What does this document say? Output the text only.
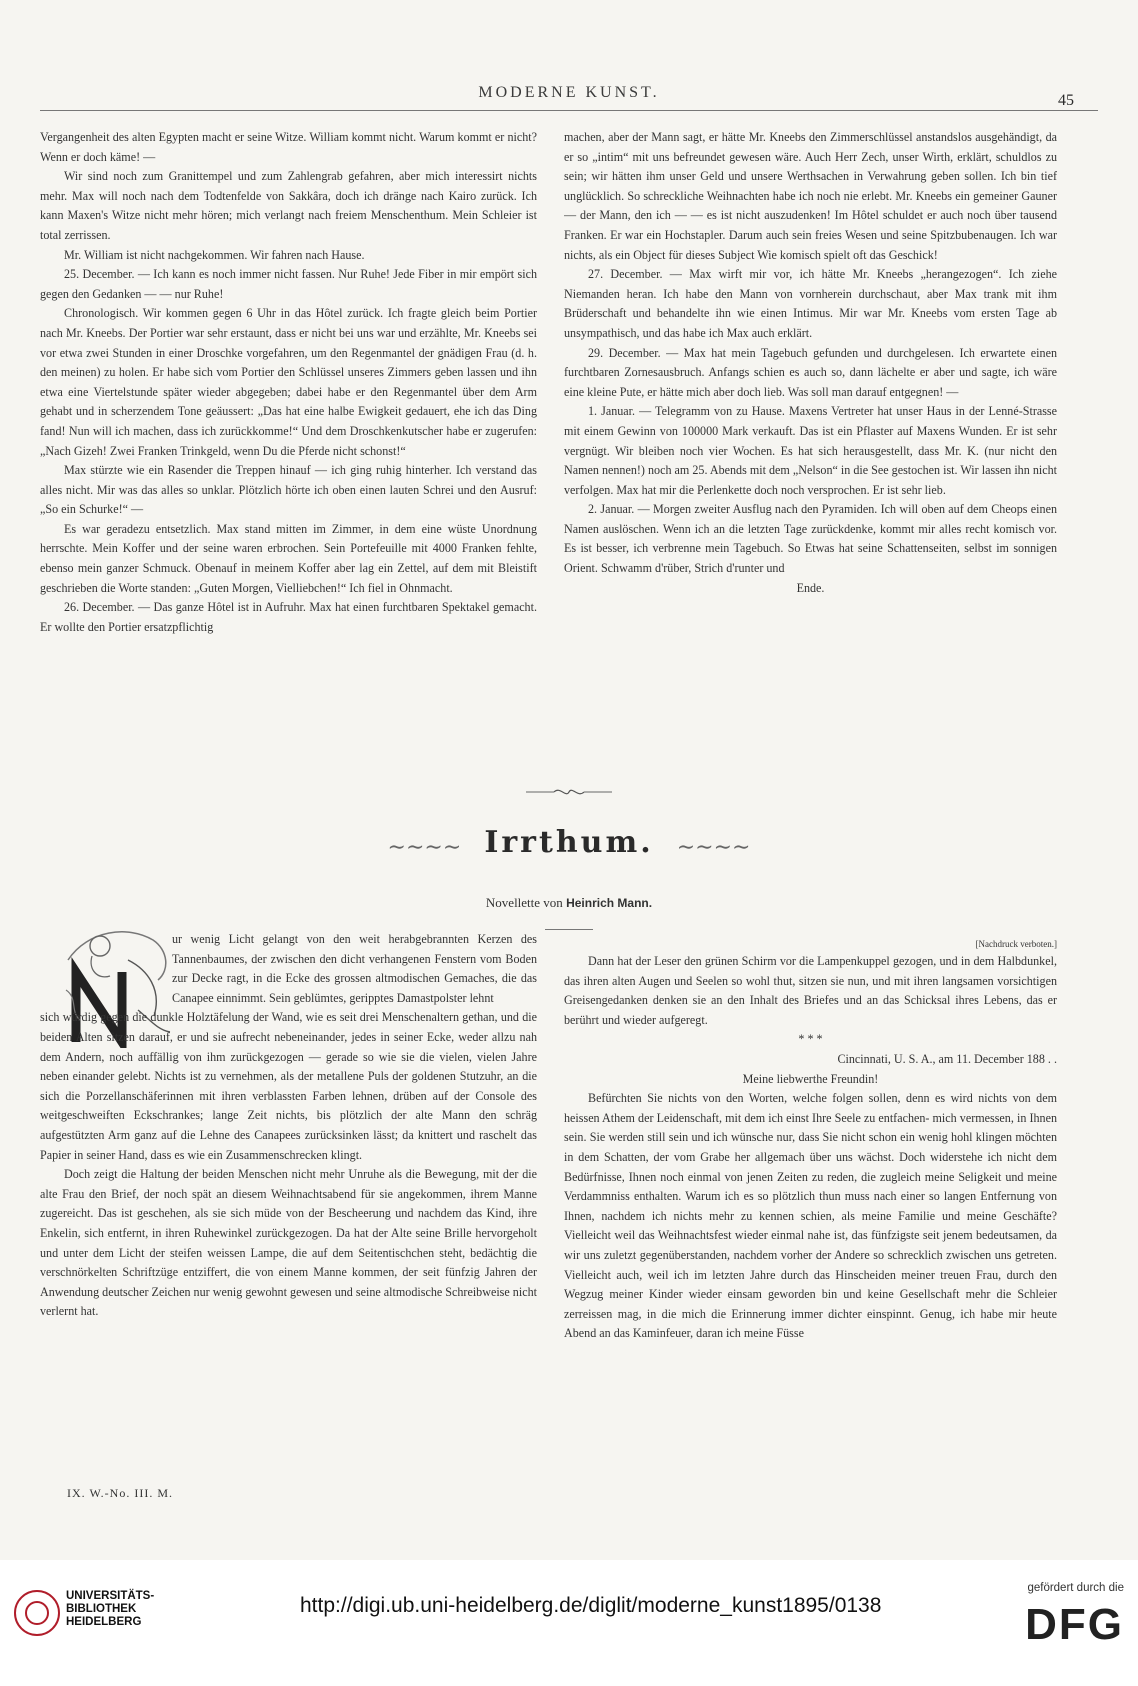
MODERNE KUNST.	45

Vergangenheit des alten Egypten macht er seine Witze. William kommt nicht. Warum kommt er nicht? Wenn er doch käme! —

Wir sind noch zum Granittempel und zum Zahlengrab gefahren, aber mich interessirt nichts mehr. Max will noch nach dem Todtenfelde von Sakkâra, doch ich dränge nach Kairo zurück. Ich kann Maxen's Witze nicht mehr hören; mich verlangt nach freiem Menschenthum. Mein Schleier ist total zerrissen.

Mr. William ist nicht nachgekommen. Wir fahren nach Hause.

25. December. — Ich kann es noch immer nicht fassen. Nur Ruhe! Jede Fiber in mir empört sich gegen den Gedanken — — nur Ruhe!

Chronologisch. Wir kommen gegen 6 Uhr in das Hôtel zurück. Ich fragte gleich beim Portier nach Mr. Kneebs. Der Portier war sehr erstaunt, dass er nicht bei uns war und erzählte, Mr. Kneebs sei vor etwa zwei Stunden in einer Droschke vorgefahren, um den Regenmantel der gnädigen Frau (d. h. den meinen) zu holen. Er habe sich vom Portier den Schlüssel unseres Zimmers geben lassen und ihn etwa eine Viertelstunde später wieder abgegeben; dabei habe er den Regenmantel über dem Arm gehabt und in scherzendem Tone geäussert: „Das hat eine halbe Ewigkeit gedauert, ehe ich das Ding fand! Nun will ich machen, dass ich zurückkomme!“ Und dem Droschkenkutscher habe er zugerufen: „Nach Gizeh! Zwei Franken Trinkgeld, wenn Du die Pferde nicht schonst!“

Max stürzte wie ein Rasender die Treppen hinauf — ich ging ruhig hinterher. Ich verstand das alles nicht. Mir was das alles so unklar. Plötzlich hörte ich oben einen lauten Schrei und den Ausruf: „So ein Schurke!“ —

Es war geradezu entsetzlich. Max stand mitten im Zimmer, in dem eine wüste Unordnung herrschte. Mein Koffer und der seine waren erbrochen. Sein Portefeuille mit 4000 Franken fehlte, ebenso mein ganzer Schmuck. Obenauf in meinem Koffer aber lag ein Zettel, auf dem mit Bleistift geschrieben die Worte standen: „Guten Morgen, Vielliebchen!“ Ich fiel in Ohnmacht.

26. December. — Das ganze Hôtel ist in Aufruhr. Max hat einen furchtbaren Spektakel gemacht. Er wollte den Portier ersatzpflichtig

machen, aber der Mann sagt, er hätte Mr. Kneebs den Zimmerschlüssel anstandslos ausgehändigt, da er so „intim“ mit uns befreundet gewesen wäre. Auch Herr Zech, unser Wirth, erklärt, schuldlos zu sein; wir hätten ihm unser Geld und unsere Werthsachen in Verwahrung geben sollen. Ich bin tief unglücklich. So schreckliche Weihnachten habe ich noch nie erlebt. Mr. Kneebs ein gemeiner Gauner — der Mann, den ich — — es ist nicht auszudenken! Im Hôtel schuldet er auch noch über tausend Franken. Er war ein Hochstapler. Darum auch sein freies Wesen und seine Spitzbubenaugen. Ich war nichts, als ein Object für dieses Subject Wie komisch spielt oft das Geschick!

27. December. — Max wirft mir vor, ich hätte Mr. Kneebs „herangezogen“. Ich ziehe Niemanden heran. Ich habe den Mann von vornherein durchschaut, aber Max trank mit ihm Brüderschaft und behandelte ihn wie einen Intimus. Mir war Mr. Kneebs vom ersten Tage ab unsympathisch, und das habe ich Max auch erklärt.

29. December. — Max hat mein Tagebuch gefunden und durchgelesen. Ich erwartete einen furchtbaren Zornesausbruch. Anfangs schien es auch so, dann lächelte er aber und sagte, ich wäre eine kleine Pute, er hätte mich aber doch lieb. Was soll man darauf entgegnen! —

1. Januar. — Telegramm von zu Hause. Maxens Vertreter hat unser Haus in der Lenné-Strasse mit einem Gewinn von 100000 Mark verkauft. Das ist ein Pflaster auf Maxens Wunden. Er ist sehr vergnügt. Wir bleiben noch vier Wochen. Es hat sich herausgestellt, dass Mr. K. (nur nicht den Namen nennen!) noch am 25. Abends mit dem „Nelson“ in die See gestochen ist. Wir lassen ihn nicht verfolgen. Max hat mir die Perlenkette doch noch versprochen. Er ist sehr lieb.

2. Januar. — Morgen zweiter Ausflug nach den Pyramiden. Ich will oben auf dem Cheops einen Namen auslöschen. Wenn ich an die letzten Tage zurückdenke, kommt mir alles recht komisch vor. Es ist besser, ich verbrenne mein Tagebuch. So Etwas hat seine Schattenseiten, selbst im sonnigen Orient. Schwamm d'rüber, Strich d'runter und

Ende.

∼∼∼∼ Irrthum. ∼∼∼∼
Novellette von Heinrich Mann.

ur wenig Licht gelangt von den weit herabgebrannten Kerzen des Tannenbaumes, der zwischen den dicht verhangenen Fenstern vom Boden zur Decke ragt, in die Ecke des grossen altmodischen Gemaches, die das Canapee einnimmt. Sein geblümtes, geripptes Damastpolster lehnt

sich würdig gegen die dunkle Holztäfelung der Wand, wie es seit drei Menschenaltern gethan, und die beiden Alten sitzen darauf, er und sie aufrecht nebeneinander, jedes in seiner Ecke, weder allzu nah dem Andern, noch auffällig von ihm zurückgezogen — gerade so wie sie die vielen, vielen Jahre neben einander gelebt. Nichts ist zu vernehmen, als der metallene Puls der goldenen Stutzuhr, an die sich die Porzellanschäferinnen mit ihren verblassten Farben lehnen, drüben auf der Console des weitgeschweiften Eckschrankes; lange Zeit nichts, bis plötzlich der alte Mann den schräg aufgestützten Arm ganz auf die Lehne des Canapees zurücksinken lässt; da knittert und raschelt das Papier in seiner Hand, dass es wie ein Zusammenschrecken klingt.

Doch zeigt die Haltung der beiden Menschen nicht mehr Unruhe als die Bewegung, mit der die alte Frau den Brief, der noch spät an diesem Weihnachtsabend für sie angekommen, ihrem Manne zugereicht. Das ist geschehen, als sie sich müde von der Bescheerung und nachdem das Kind, ihre Enkelin, sich entfernt, in ihren Ruhewinkel zurückgezogen. Da hat der Alte seine Brille hervorgeholt und unter dem Licht der steifen weissen Lampe, die auf dem Seitentischchen steht, bedächtig die verschnörkelten Schriftzüge entziffert, die von einem Manne kommen, der seit fünfzig Jahren der Anwendung deutscher Zeichen nur wenig gewohnt gewesen und seine altmodische Schreibweise nicht verlernt hat.

[Nachdruck verboten.]

Dann hat der Leser den grünen Schirm vor die Lampenkuppel gezogen, und in dem Halbdunkel, das ihren alten Augen und Seelen so wohl thut, sitzen sie nun, und mit ihren langsamen vorsichtigen Greisengedanken denken sie an den Inhalt des Briefes und an das Schicksal ihres Lebens, das er berührt und wieder aufgeregt.

* * *

Cincinnati, U. S. A., am 11. December 188 . .

Meine liebwerthe Freundin!

Befürchten Sie nichts von den Worten, welche folgen sollen, denn es wird nichts von dem heissen Athem der Leidenschaft, mit dem ich einst Ihre Seele zu entfachen- mich vermessen, in Ihnen sein. Sie werden still sein und ich wünsche nur, dass Sie nicht schon ein wenig hohl klingen möchten in dem Schatten, der vom Grabe her allgemach über uns wächst. Doch widerstehe ich nicht dem Bedürfnisse, Ihnen noch einmal von jenen Zeiten zu reden, die zugleich meine Seligkeit und meine Verdammniss enthalten. Warum ich es so plötzlich thun muss nach einer so langen Entfernung von Ihnen, nachdem ich nichts mehr zu kennen schien, als meine Familie und meine Geschäfte? Vielleicht weil das Weihnachtsfest wieder einmal nahe ist, das fünfzigste seit jenem bedeutsamen, da wir uns zuletzt gegenüberstanden, nachdem vorher der Andere so schrecklich zwischen uns getreten. Vielleicht auch, weil ich im letzten Jahre durch das Hinscheiden meiner treuen Frau, durch den Wegzug meiner Kinder wieder einsam geworden bin und keine Gesellschaft mehr die Schleier zerreissen mag, in die mich die Erinnerung immer dichter einspinnt. Genug, ich habe mir heute Abend an das Kaminfeuer, daran ich meine Füsse

IX. W.-No. III. M.
UNIVERSITÄTS-
BIBLIOTHEK
HEIDELBERG
http://digi.ub.uni-heidelberg.de/diglit/moderne_kunst1895/0138
gefördert durch die
DFG
